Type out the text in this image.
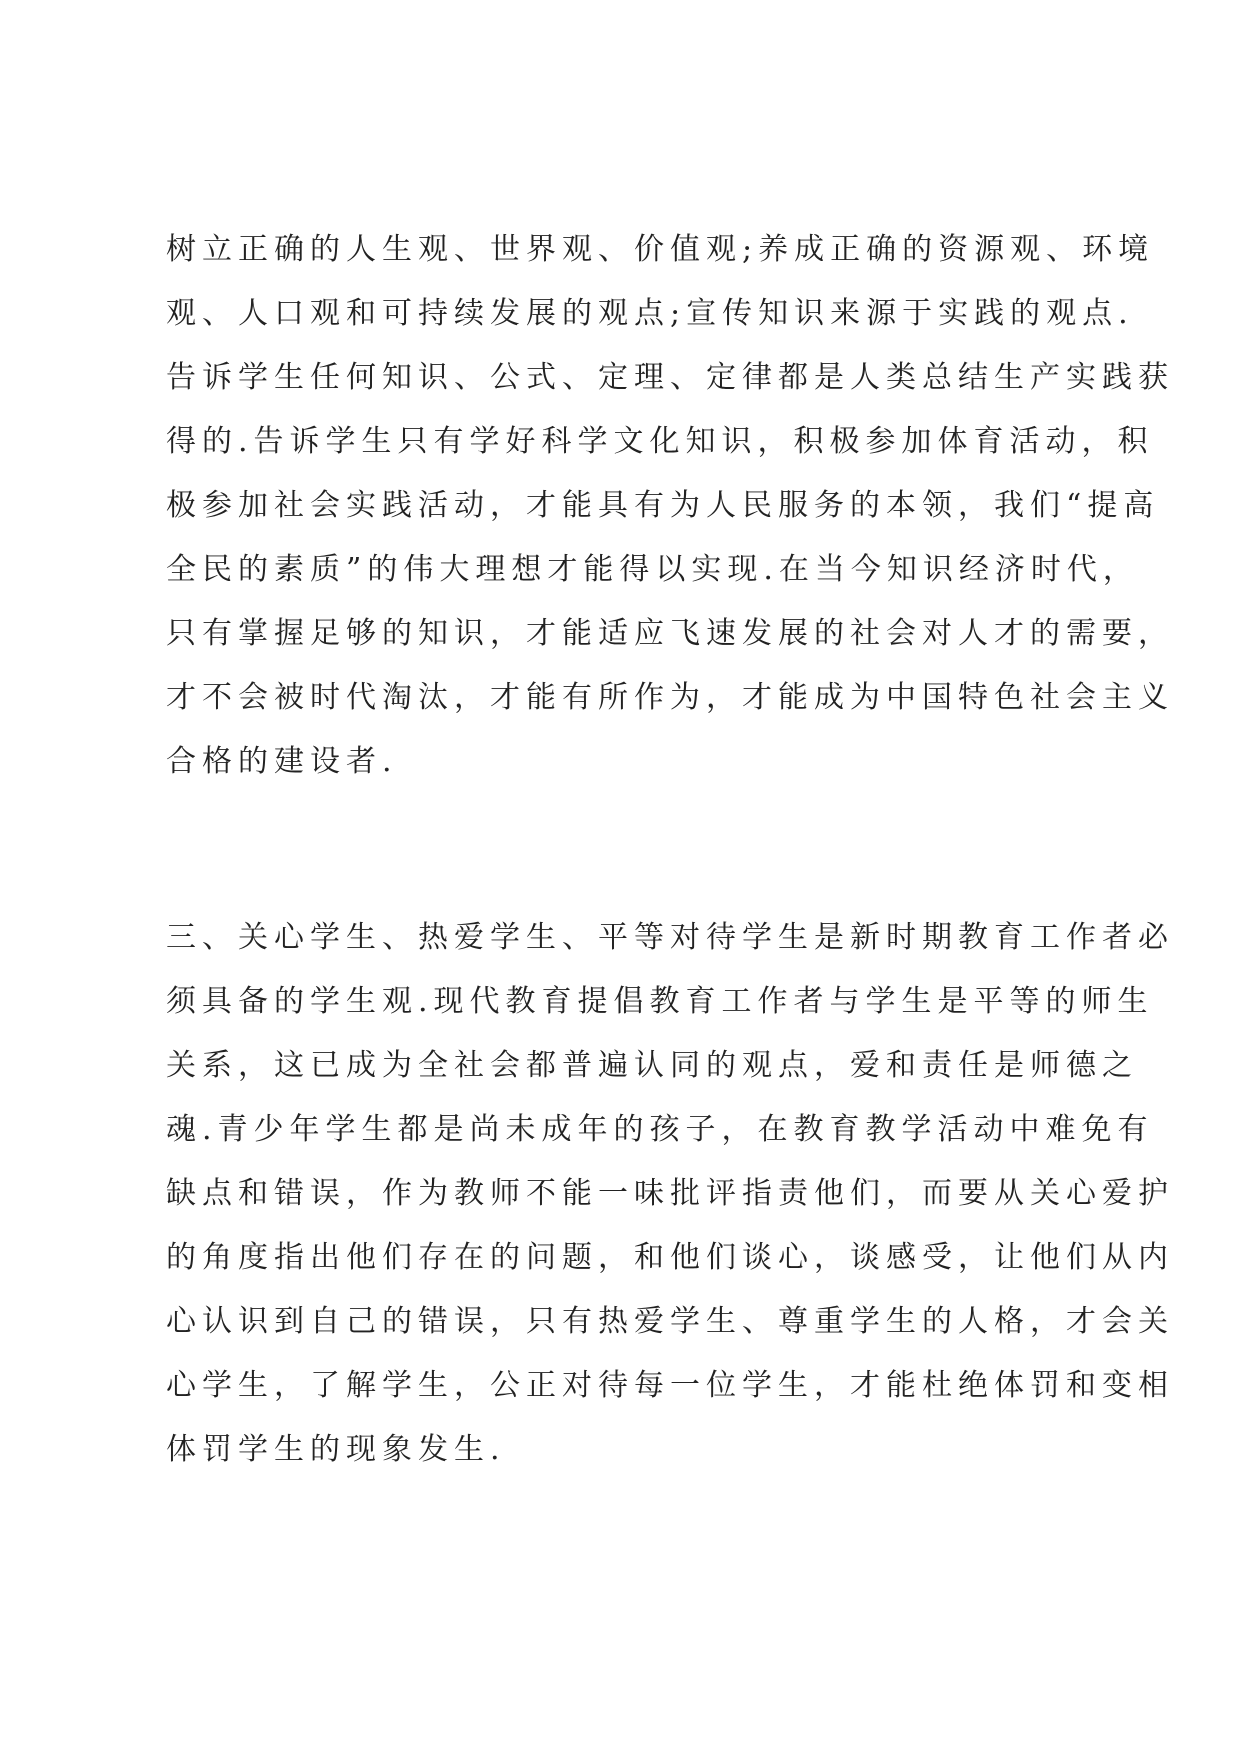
树立正确的人生观、世界观、价值观;养成正确的资源观、环境
观、人口观和可持续发展的观点;宣传知识来源于实践的观点.
告诉学生任何知识、公式、定理、定律都是人类总结生产实践获
得的.告诉学生只有学好科学文化知识，积极参加体育活动，积
极参加社会实践活动，才能具有为人民服务的本领，我们“提高
全民的素质”的伟大理想才能得以实现.在当今知识经济时代，
只有掌握足够的知识，才能适应飞速发展的社会对人才的需要，
才不会被时代淘汰，才能有所作为，才能成为中国特色社会主义
合格的建设者.
三、关心学生、热爱学生、平等对待学生是新时期教育工作者必
须具备的学生观.现代教育提倡教育工作者与学生是平等的师生
关系，这已成为全社会都普遍认同的观点，爱和责任是师德之
魂.青少年学生都是尚未成年的孩子，在教育教学活动中难免有
缺点和错误，作为教师不能一味批评指责他们，而要从关心爱护
的角度指出他们存在的问题，和他们谈心，谈感受，让他们从内
心认识到自己的错误，只有热爱学生、尊重学生的人格，才会关
心学生，了解学生，公正对待每一位学生，才能杜绝体罚和变相
体罚学生的现象发生.
